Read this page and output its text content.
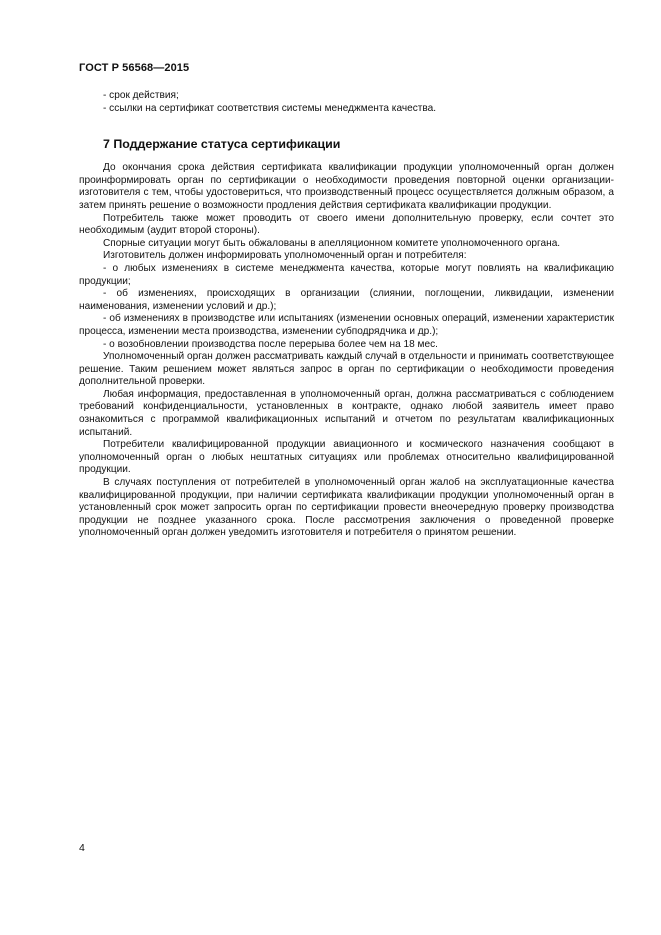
ГОСТ Р 56568—2015

- срок действия;

- ссылки на сертификат соответствия системы менеджмента качества.

7 Поддержание статуса сертификации

До окончания срока действия сертификата квалификации продукции уполномоченный орган должен проинформировать орган по сертификации о необходимости проведения повторной оценки организации-изготовителя с тем, чтобы удостовериться, что производственный процесс осуществляется должным образом, а затем принять решение о возможности продления действия сертификата квалификации продукции.

Потребитель также может проводить от своего имени дополнительную проверку, если сочтет это необходимым (аудит второй стороны).

Спорные ситуации могут быть обжалованы в апелляционном комитете уполномоченного органа.

Изготовитель должен информировать уполномоченный орган и потребителя:

- о любых изменениях в системе менеджмента качества, которые могут повлиять на квалификацию продукции;

- об изменениях, происходящих в организации (слиянии, поглощении, ликвидации, изменении наименования, изменении условий и др.);

- об изменениях в производстве или испытаниях (изменении основных операций, изменении характеристик процесса, изменении места производства, изменении субподрядчика и др.);

- о возобновлении производства после перерыва более чем на 18 мес.

Уполномоченный орган должен рассматривать каждый случай в отдельности и принимать соответствующее решение. Таким решением может являться запрос в орган по сертификации о необходимости проведения дополнительной проверки.

Любая информация, предоставленная в уполномоченный орган, должна рассматриваться с соблюдением требований конфиденциальности, установленных в контракте, однако любой заявитель имеет право ознакомиться с программой квалификационных испытаний и отчетом по результатам квалификационных испытаний.

Потребители квалифицированной продукции авиационного и космического назначения сообщают в уполномоченный орган о любых нештатных ситуациях или проблемах относительно квалифицированной продукции.

В случаях поступления от потребителей в уполномоченный орган жалоб на эксплуатационные качества квалифицированной продукции, при наличии сертификата квалификации продукции уполномоченный орган в установленный срок может запросить орган по сертификации провести внеочередную проверку производства продукции не позднее указанного срока. После рассмотрения заключения о проведенной проверке уполномоченный орган должен уведомить изготовителя и потребителя о принятом решении.

4
